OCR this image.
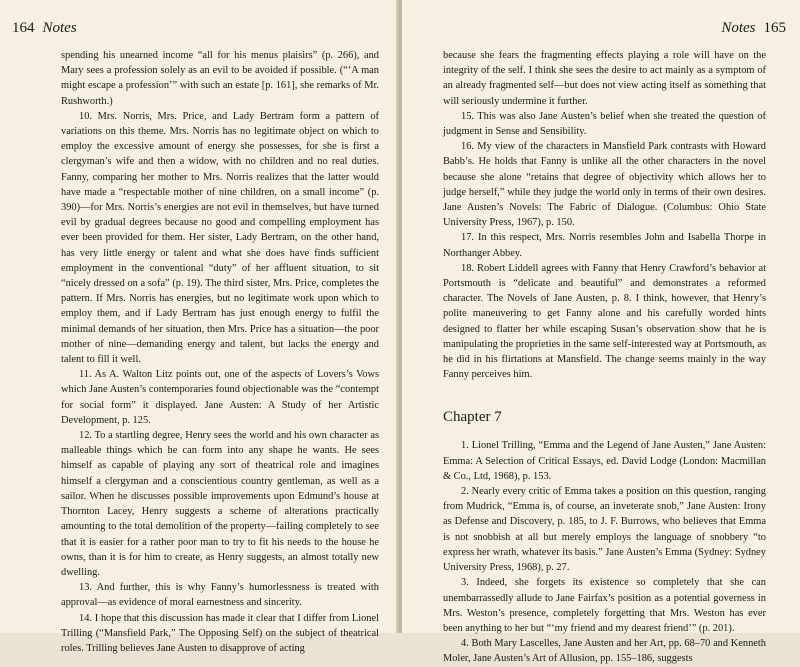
164 Notes

spending his unearned income “all for his menus plaisirs” (p. 266), and Mary sees a profession solely as an evil to be avoided if possible. (“‘A man might escape a profession’” with such an estate [p. 161], she remarks of Mr. Rushworth.)

10. Mrs. Norris, Mrs. Price, and Lady Bertram form a pattern of variations on this theme. Mrs. Norris has no legitimate object on which to employ the excessive amount of energy she possesses, for she is first a clergyman’s wife and then a widow, with no children and no real duties. Fanny, comparing her mother to Mrs. Norris realizes that the latter would have made a “respectable mother of nine children, on a small income” (p. 390)—for Mrs. Norris’s energies are not evil in themselves, but have turned evil by gradual degrees because no good and compelling employment has ever been provided for them. Her sister, Lady Bertram, on the other hand, has very little energy or talent and what she does have finds sufficient employment in the conventional “duty” of her affluent situation, to sit “nicely dressed on a sofa” (p. 19). The third sister, Mrs. Price, completes the pattern. If Mrs. Norris has energies, but no legitimate work upon which to employ them, and if Lady Bertram has just enough energy to fulfil the minimal demands of her situation, then Mrs. Price has a situation—the poor mother of nine—demanding energy and talent, but lacks the energy and talent to fill it well.

11. As A. Walton Litz points out, one of the aspects of Lovers’s Vows which Jane Austen’s contemporaries found objectionable was the “contempt for social form” it displayed. Jane Austen: A Study of her Artistic Development, p. 125.

12. To a startling degree, Henry sees the world and his own character as malleable things which he can form into any shape he wants. He sees himself as capable of playing any sort of theatrical role and imagines himself a clergyman and a conscientious country gentleman, as well as a sailor. When he discusses possible improvements upon Edmund’s house at Thornton Lacey, Henry suggests a scheme of alterations practically amounting to the total demolition of the property—failing completely to see that it is easier for a rather poor man to try to fit his needs to the house he owns, than it is for him to create, as Henry suggests, an almost totally new dwelling.

13. And further, this is why Fanny’s humorlessness is treated with approval—as evidence of moral earnestness and sincerity.

14. I hope that this discussion has made it clear that I differ from Lionel Trilling (“Mansfield Park,” The Opposing Self) on the subject of theatrical roles. Trilling believes Jane Austen to disapprove of acting

Notes 165

because she fears the fragmenting effects playing a role will have on the integrity of the self. I think she sees the desire to act mainly as a symptom of an already fragmented self—but does not view acting itself as something that will seriously undermine it further.

15. This was also Jane Austen’s belief when she treated the question of judgment in Sense and Sensibility.

16. My view of the characters in Mansfield Park contrasts with Howard Babb’s. He holds that Fanny is unlike all the other characters in the novel because she alone “retains that degree of objectivity which allows her to judge herself,” while they judge the world only in terms of their own desires. Jane Austen’s Novels: The Fabric of Dialogue. (Columbus: Ohio State University Press, 1967), p. 150.

17. In this respect, Mrs. Norris resembles John and Isabella Thorpe in Northanger Abbey.

18. Robert Liddell agrees with Fanny that Henry Crawford’s behavior at Portsmouth is “delicate and beautiful” and demonstrates a reformed character. The Novels of Jane Austen, p. 8. I think, however, that Henry’s polite maneuvering to get Fanny alone and his carefully worded hints designed to flatter her while escaping Susan’s observation show that he is manipulating the proprieties in the same self-interested way at Portsmouth, as he did in his flirtations at Mansfield. The change seems mainly in the way Fanny perceives him.

Chapter 7

1. Lionel Trilling, “Emma and the Legend of Jane Austen,” Jane Austen: Emma: A Selection of Critical Essays, ed. David Lodge (London: Macmillan & Co., Ltd, 1968), p. 153.

2. Nearly every critic of Emma takes a position on this question, ranging from Mudrick, “Emma is, of course, an inveterate snob,” Jane Austen: Irony as Defense and Discovery, p. 185, to J. F. Burrows, who believes that Emma is not snobbish at all but merely employs the language of snobbery “to express her wrath, whatever its basis.” Jane Austen’s Emma (Sydney: Sydney University Press, 1968), p. 27.

3. Indeed, she forgets its existence so completely that she can unembarrassedly allude to Jane Fairfax’s position as a potential governess in Mrs. Weston’s presence, completely forgetting that Mrs. Weston has ever been anything to her but “‘my friend and my dearest friend’” (p. 201).

4. Both Mary Lascelles, Jane Austen and her Art, pp. 68–70 and Kenneth Moler, Jane Austen’s Art of Allusion, pp. 155–186, suggests
